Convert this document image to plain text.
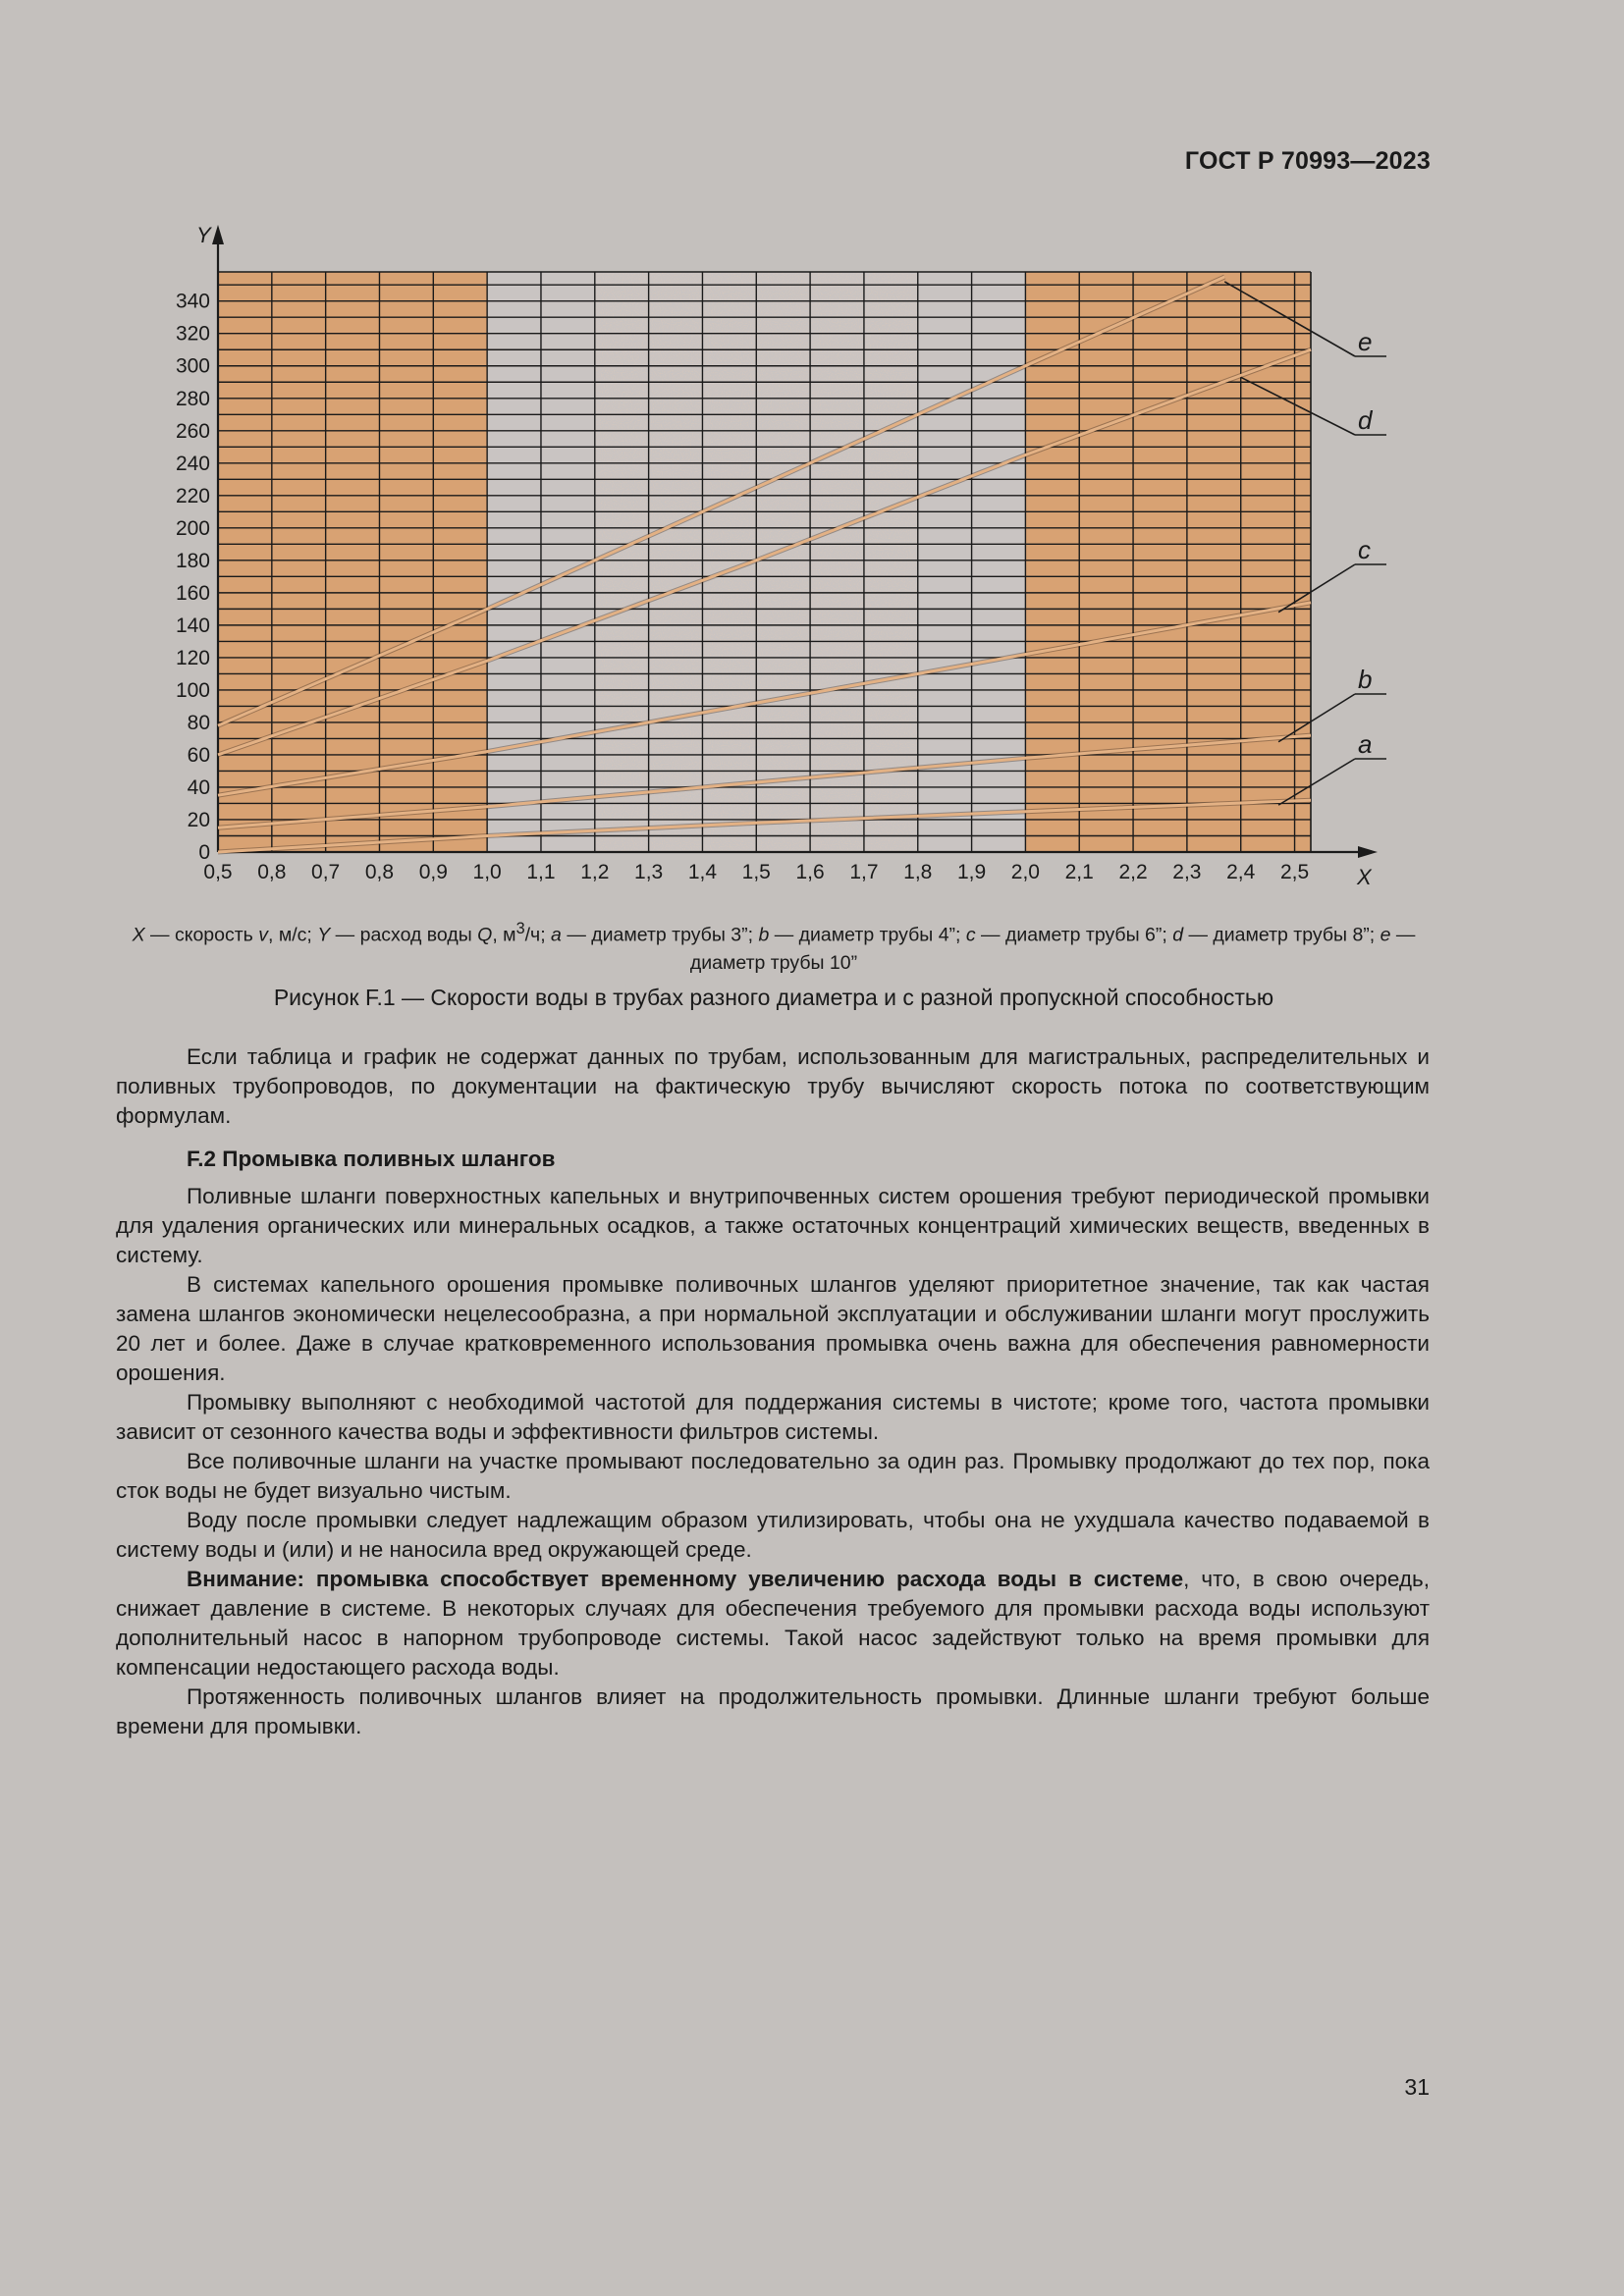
ГОСТ Р 70993—2023
Y
X
0
20
40
60
80
100
120
140
160
180
200
220
240
260
280
300
320
340
0,5 0,8 0,7 0,8 0,9 1,0 1,1 1,2 1,3 1,4 1,5 1,6 1,7 1,8 1,9 2,0 2,1 2,2 2,3 2,4 2,5
a
b
c
d
e
X — скорость v, м/с; Y — расход воды Q, $м^3/ч$; a — диаметр трубы 3”; b — диаметр трубы 4”; c — диаметр трубы 6”; d — диаметр трубы 8”; e — диаметр трубы 10”
Рисунок F.1 — Скорости воды в трубах разного диаметра и с разной пропускной способностью

Если таблица и график не содержат данных по трубам, использованным для магистральных, распределительных и поливных трубопроводов, по документации на фактическую трубу вычисляют скорость потока по соответствующим формулам.

F.2 Промывка поливных шлангов

Поливные шланги поверхностных капельных и внутрипочвенных систем орошения требуют периодической промывки для удаления органических или минеральных осадков, а также остаточных концентраций химических веществ, введенных в систему.

В системах капельного орошения промывке поливочных шлангов уделяют приоритетное значение, так как частая замена шлангов экономически нецелесообразна, а при нормальной эксплуатации и обслуживании шланги могут прослужить 20 лет и более. Даже в случае кратковременного использования промывка очень важна для обеспечения равномерности орошения.

Промывку выполняют с необходимой частотой для поддержания системы в чистоте; кроме того, частота промывки зависит от сезонного качества воды и эффективности фильтров системы.

Все поливочные шланги на участке промывают последовательно за один раз. Промывку продолжают до тех пор, пока сток воды не будет визуально чистым.

Воду после промывки следует надлежащим образом утилизировать, чтобы она не ухудшала качество подаваемой в систему воды и (или) и не наносила вред окружающей среде.

Внимание: промывка способствует временному увеличению расхода воды в системе, что, в свою очередь, снижает давление в системе. В некоторых случаях для обеспечения требуемого для промывки расхода воды используют дополнительный насос в напорном трубопроводе системы. Такой насос задействуют только на время промывки для компенсации недостающего расхода воды.

Протяженность поливочных шлангов влияет на продолжительность промывки. Длинные шланги требуют больше времени для промывки.

31
